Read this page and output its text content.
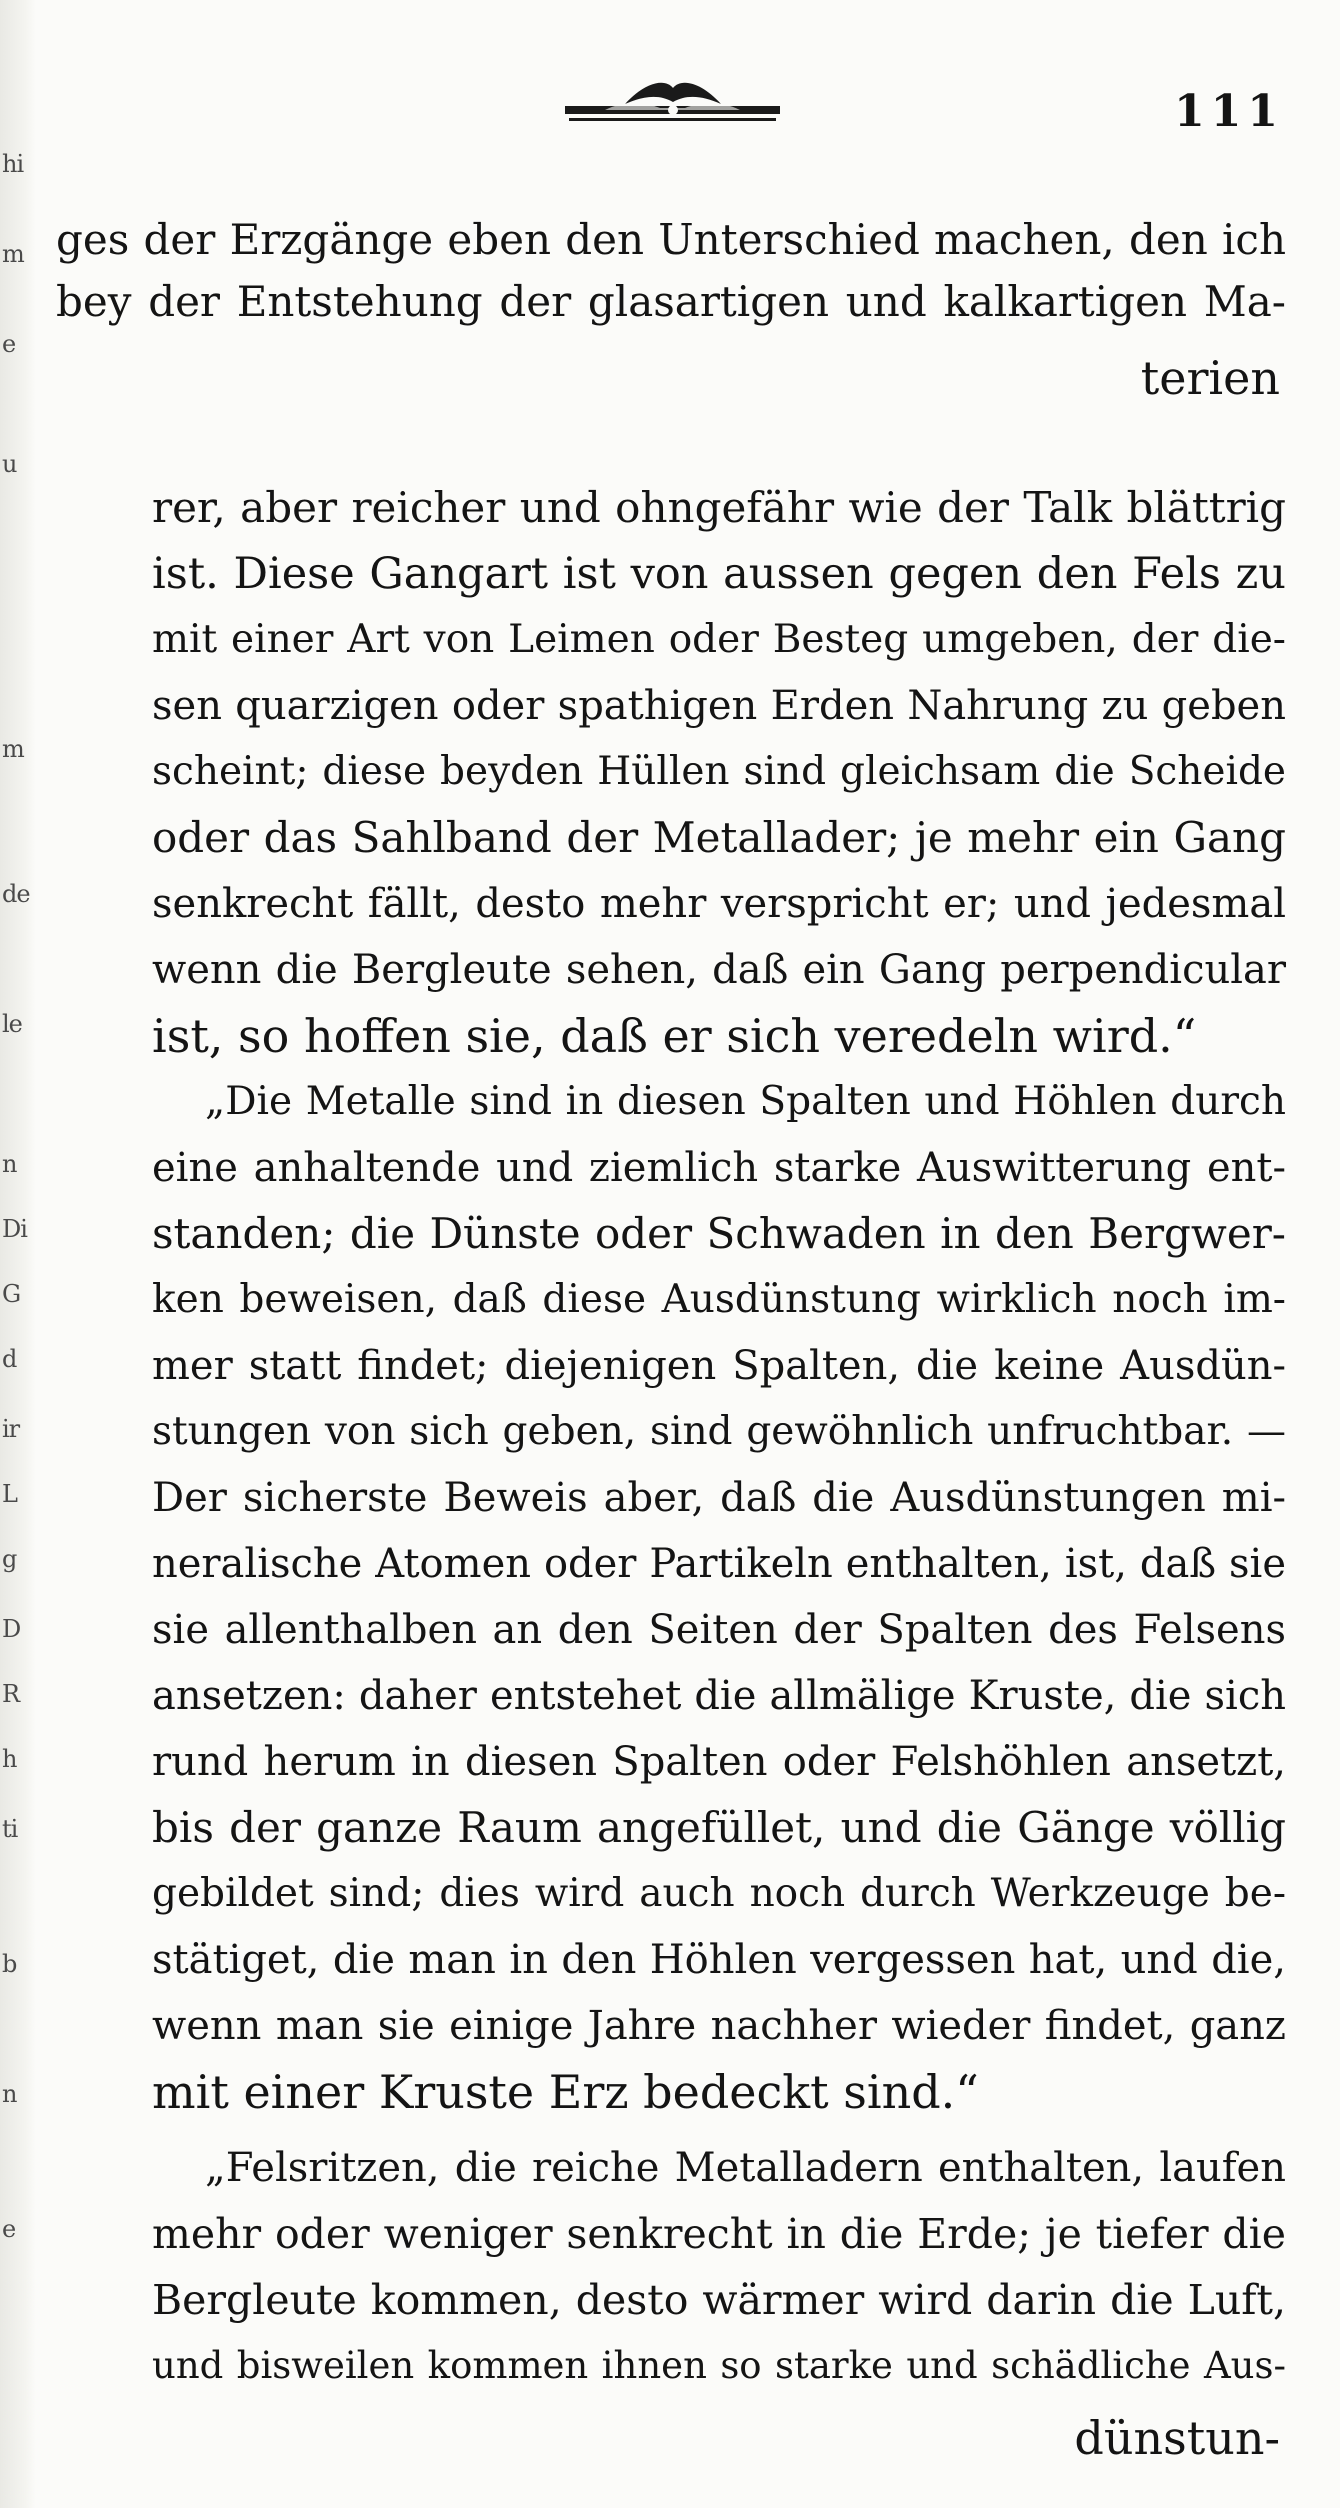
hi
m
e
u
m
de
le
n
Di
G
d
ir
L
g
D
R
h
ti
b
n
e
111
ges der Erzgänge eben den Unterschied machen, den ich
bey der Entstehung der glasartigen und kalkartigen Ma-
terien
rer, aber reicher und ohngefähr wie der Talk blättrig
ist. Diese Gangart ist von aussen gegen den Fels zu
mit einer Art von Leimen oder Besteg umgeben, der die-
sen quarzigen oder spathigen Erden Nahrung zu geben
scheint; diese beyden Hüllen sind gleichsam die Scheide
oder das Sahlband der Metallader; je mehr ein Gang
senkrecht fällt, desto mehr verspricht er; und jedesmal
wenn die Bergleute sehen, daß ein Gang perpendicular
ist, so hoffen sie, daß er sich veredeln wird.“
„Die Metalle sind in diesen Spalten und Höhlen durch
eine anhaltende und ziemlich starke Auswitterung ent-
standen; die Dünste oder Schwaden in den Bergwer-
ken beweisen, daß diese Ausdünstung wirklich noch im-
mer statt findet; diejenigen Spalten, die keine Ausdün-
stungen von sich geben, sind gewöhnlich unfruchtbar. —
Der sicherste Beweis aber, daß die Ausdünstungen mi-
neralische Atomen oder Partikeln enthalten, ist, daß sie
sie allenthalben an den Seiten der Spalten des Felsens
ansetzen: daher entstehet die allmälige Kruste, die sich
rund herum in diesen Spalten oder Felshöhlen ansetzt,
bis der ganze Raum angefüllet, und die Gänge völlig
gebildet sind; dies wird auch noch durch Werkzeuge be-
stätiget, die man in den Höhlen vergessen hat, und die,
wenn man sie einige Jahre nachher wieder findet, ganz
mit einer Kruste Erz bedeckt sind.“
„Felsritzen, die reiche Metalladern enthalten, laufen
mehr oder weniger senkrecht in die Erde; je tiefer die
Bergleute kommen, desto wärmer wird darin die Luft,
und bisweilen kommen ihnen so starke und schädliche Aus-
dünstun-
